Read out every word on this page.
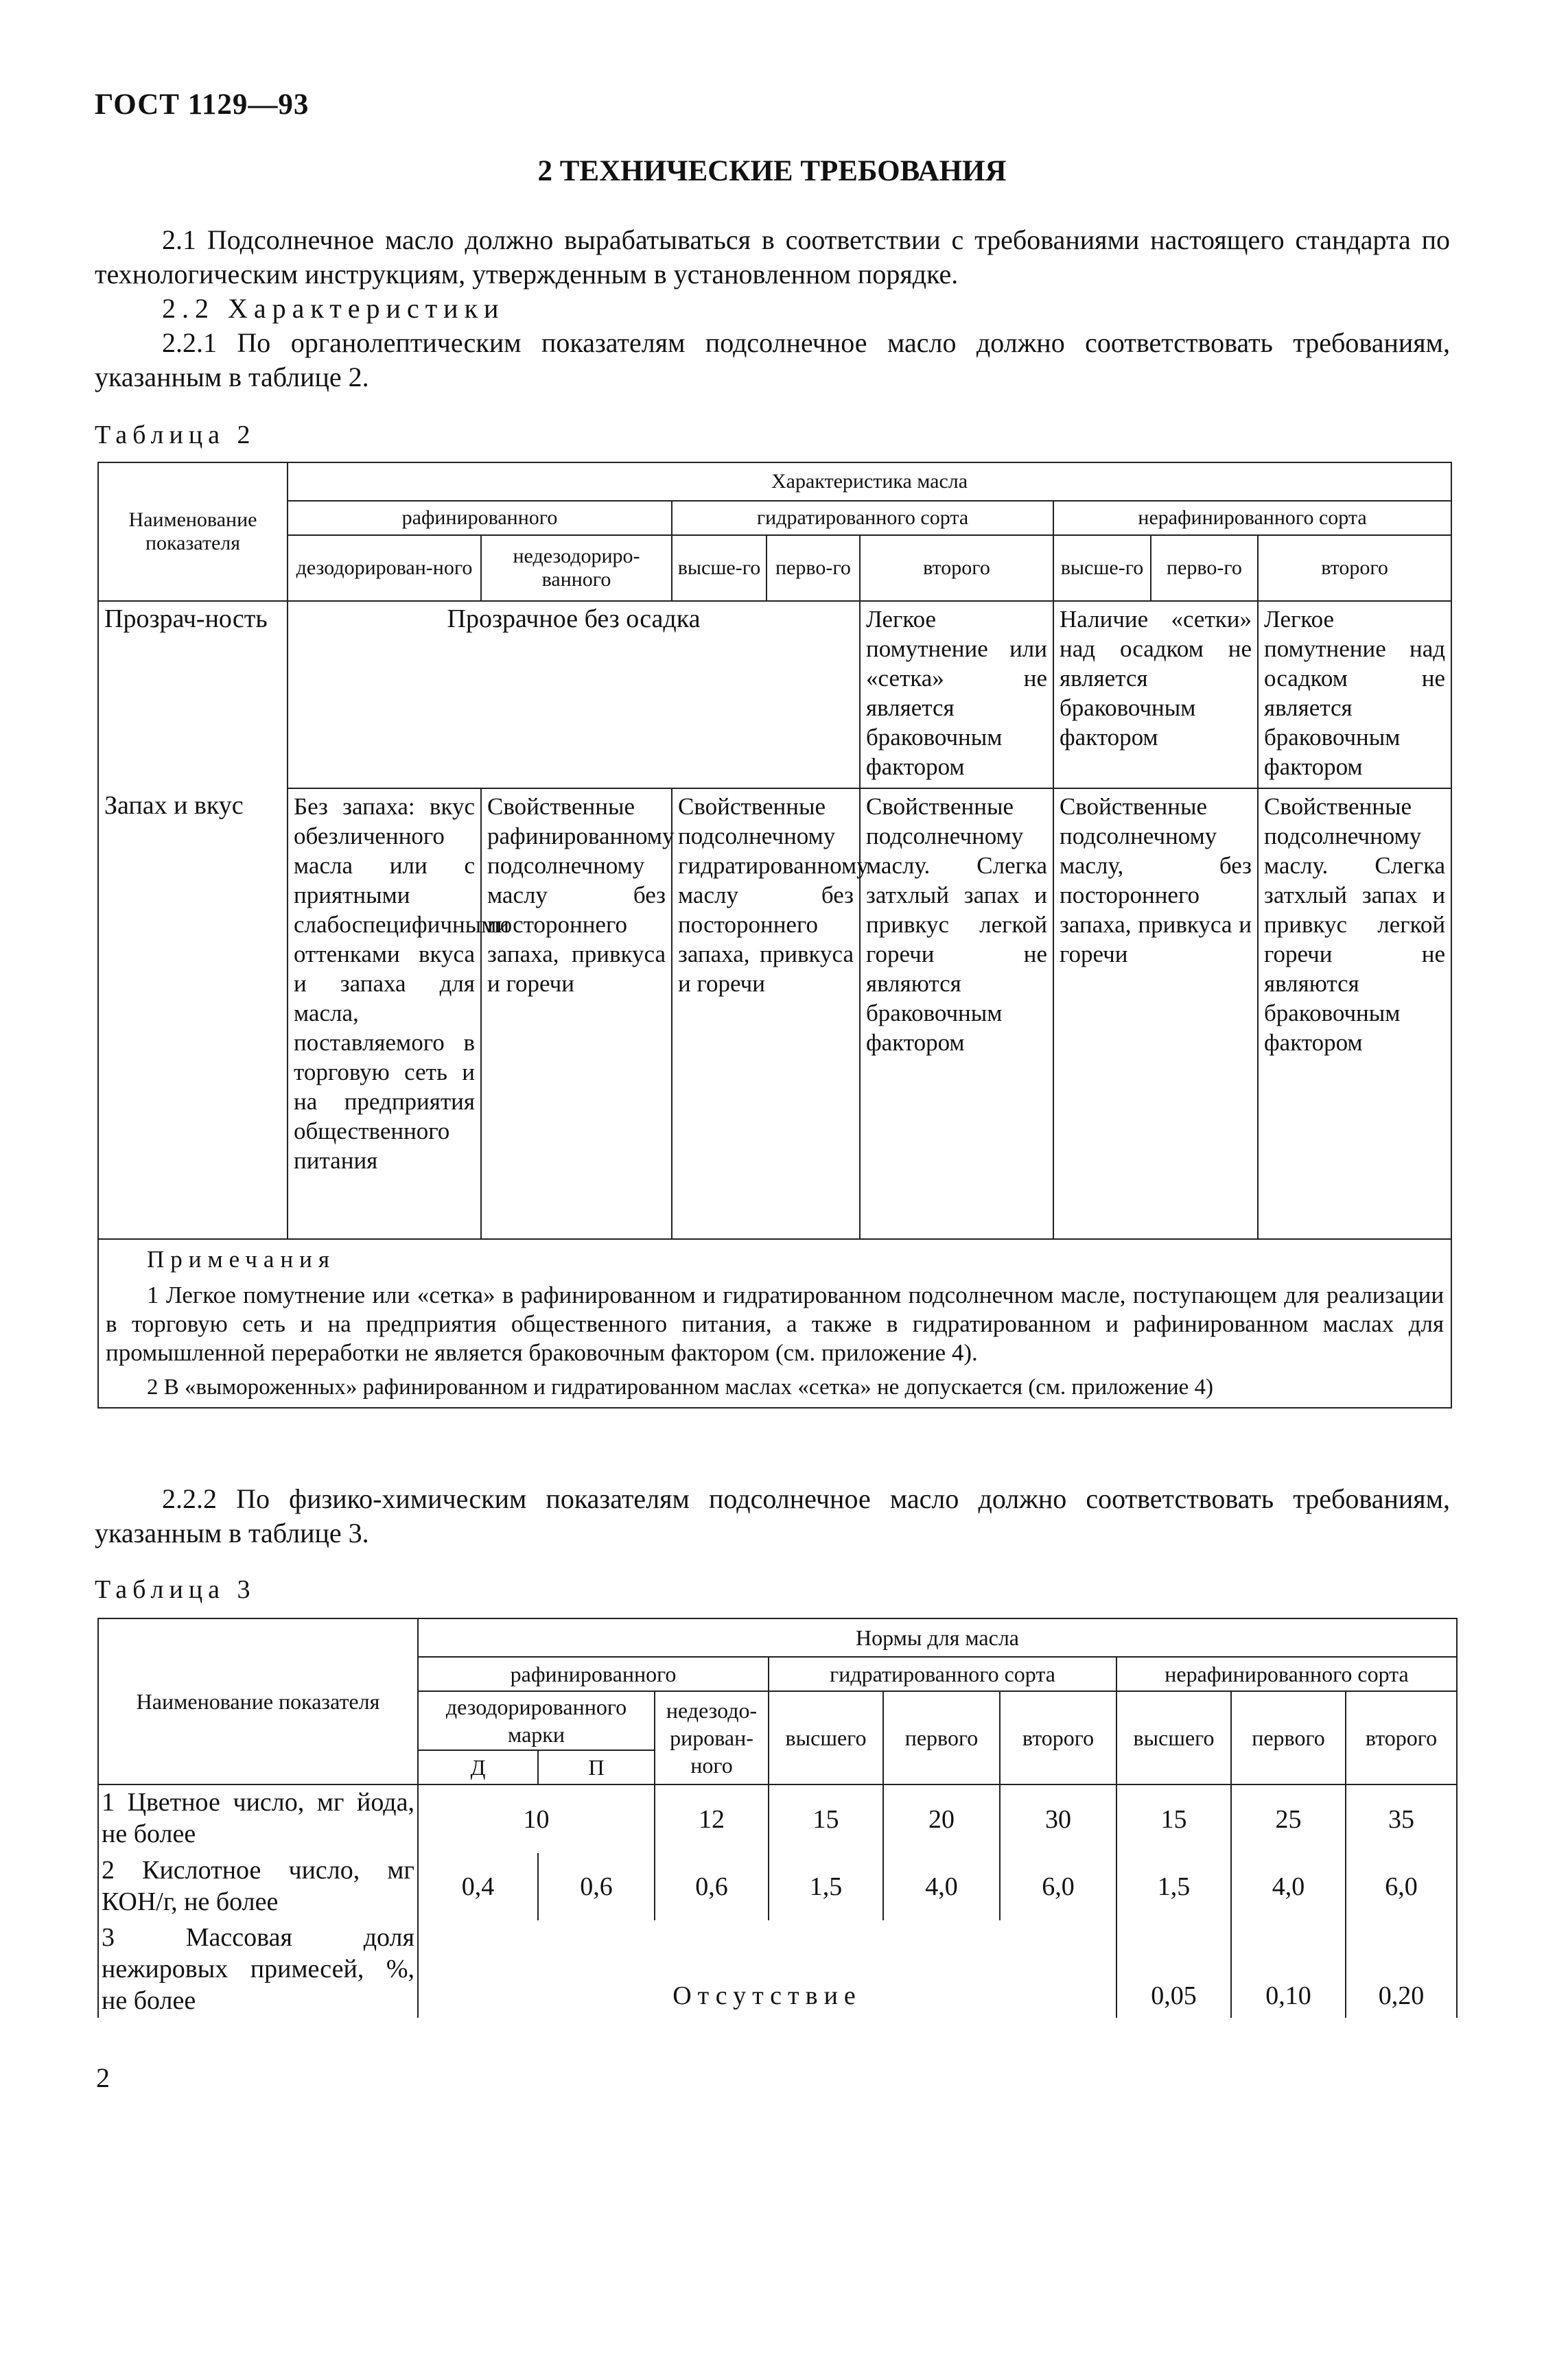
ГОСТ 1129—93
2 ТЕХНИЧЕСКИЕ ТРЕБОВАНИЯ
2.1 Подсолнечное масло должно вырабатываться в соответствии с требованиями настоящего стандарта по технологическим инструкциям, утвержденным в установленном порядке.
2.2 Характеристики
2.2.1 По органолептическим показателям подсолнечное масло должно соответствовать требованиям, указанным в таблице 2.
Таблица 2
Наименование показателя	Характеристика масла							
	рафинированного		гидратированного сорта			нерафинированного сорта		
	дезодорирован-ного	недезодориро-ванного	высше-го	перво-го	второго	высше-го	перво-го	второго
Прозрач-ность	Прозрачное без осадка				Легкое помутнение или «сетка» не является браковочным фактором	Наличие «сетки» над осадком не является браковочным фактором		Легкое помутнение над осадком не является браковочным фактором
Запах и вкус	Без запаха: вкус обезличенного масла или с приятными слабоспецифичными оттенками вкуса и запаха для масла, поставляемого в торговую сеть и на предприятия общественного питания	Свойственные рафинированному подсолнечному маслу без постороннего запаха, привкуса и горечи	Свойственные подсолнечному гидратированному маслу без постороннего запаха, привкуса и горечи		Свойственные подсолнечному маслу. Слегка затхлый запах и привкус легкой горечи не являются браковочным фактором	Свойственные подсолнечному маслу, без постороннего запаха, привкуса и горечи		Свойственные подсолнечному маслу. Слегка затхлый запах и привкус легкой горечи не являются браковочным фактором

Примечания

1 Легкое помутнение или «сетка» в рафинированном и гидратированном подсолнечном масле, поступающем для реализации в торговую сеть и на предприятия общественного питания, а также в гидратированном и рафинированном маслах для промышленной переработки не является браковочным фактором (см. приложение 4).

2 В «вымороженных» рафинированном и гидратированном маслах «сетка» не допускается (см. приложение 4)								

2.2.2 По физико-химическим показателям подсолнечное масло должно соответствовать требованиям, указанным в таблице 3.
Таблица 3
Наименование показателя	Нормы для масла								
	рафинированного			гидратированного сорта			нерафинированного сорта		
	дезодорированного марки		недезодо-рирован-ного	высшего	первого	второго	высшего	первого	второго
	Д	П							
1 Цветное число, мг йода, не более	10		12	15	20	30	15	25	35
2 Кислотное число, мг КОН/г, не более	0,4	0,6	0,6	1,5	4,0	6,0	1,5	4,0	6,0
3 Массовая доля нежировых примесей, %, не более	Отсутствие						0,05	0,10	0,20
2
